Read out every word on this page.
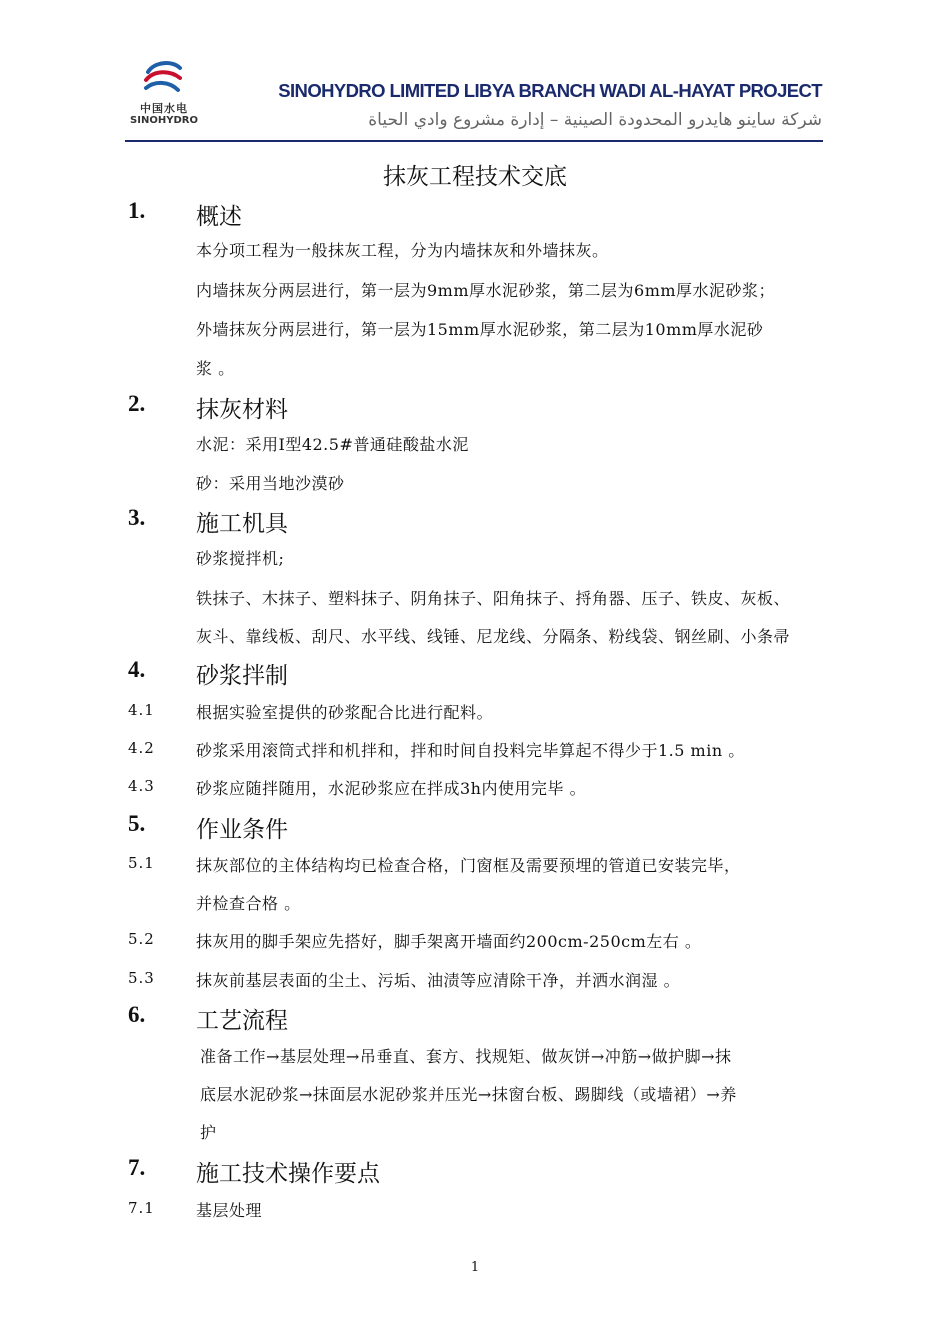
中国水电
SINOHYDRO
SINOHYDRO LIMITED LIBYA BRANCH WADI AL-HAYAT PROJECT
شركة ساينو هايدرو المحدودة الصينية – إدارة مشروع وادي الحياة
抹灰工程技术交底
1. 概述
本分项工程为一般抹灰工程，分为内墙抹灰和外墙抹灰。
内墙抹灰分两层进行，第一层为9mm厚水泥砂浆，第二层为6mm厚水泥砂浆；
外墙抹灰分两层进行，第一层为15mm厚水泥砂浆，第二层为10mm厚水泥砂
浆 。
2. 抹灰材料
水泥：采用Ⅰ型42.5#普通硅酸盐水泥
砂：采用当地沙漠砂
3. 施工机具
砂浆搅拌机;
铁抹子、木抹子、塑料抹子、阴角抹子、阳角抹子、捋角器、压子、铁皮、灰板、
灰斗、靠线板、刮尺、水平线、线锤、尼龙线、分隔条、粉线袋、钢丝刷、小条帚
4. 砂浆拌制
4.1	根据实验室提供的砂浆配合比进行配料。
4.2	砂浆采用滚筒式拌和机拌和，拌和时间自投料完毕算起不得少于1.5 min 。
4.3	砂浆应随拌随用，水泥砂浆应在拌成3h内使用完毕 。
5. 作业条件
5.1	抹灰部位的主体结构均已检查合格，门窗框及需要预埋的管道已安装完毕，
并检查合格 。
5.2	抹灰用的脚手架应先搭好，脚手架离开墙面约200cm-250cm左右 。
5.3	抹灰前基层表面的尘土、污垢、油渍等应清除干净，并洒水润湿 。
6. 工艺流程
准备工作→基层处理→吊垂直、套方、找规矩、做灰饼→冲筋→做护脚→抹
底层水泥砂浆→抹面层水泥砂浆并压光→抹窗台板、踢脚线（或墙裙）→养
护
7. 施工技术操作要点
7.1	基层处理
1
